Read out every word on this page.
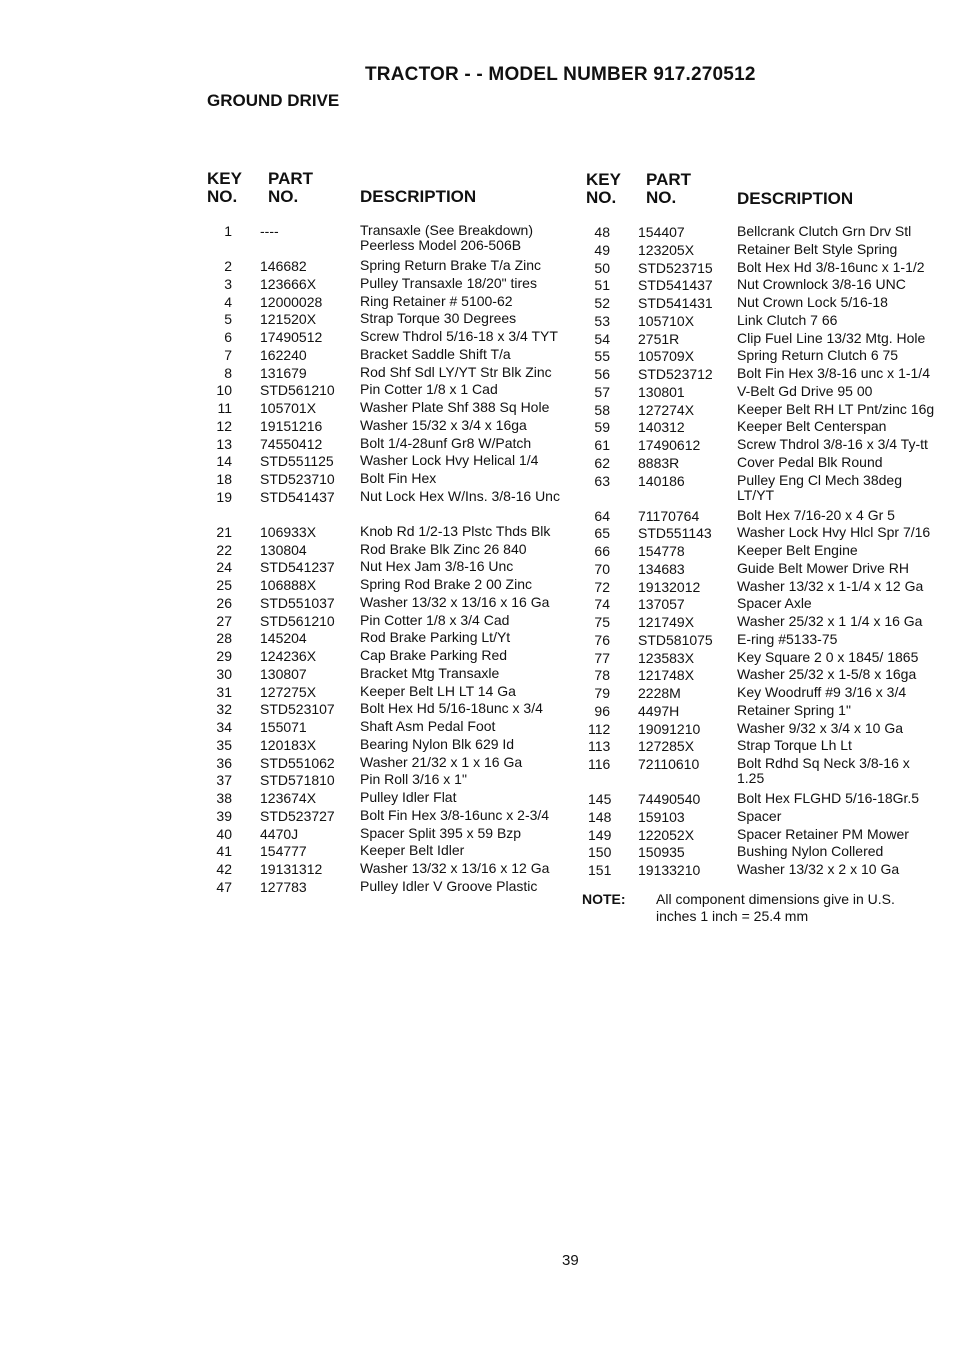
TRACTOR - - MODEL NUMBER 917.270512
GROUND DRIVE
KEY
NO.
PART
NO.	DESCRIPTION
KEY
NO.
PART
NO.	DESCRIPTION
1 ----	Transaxle (See Breakdown) Peerless Model 206-506B
2 146682	Spring Return Brake T/a Zinc
3 123666X	Pulley Transaxle 18/20" tires
4 12000028	Ring Retainer # 5100-62
5 121520X	Strap Torque 30 Degrees
6 17490512	Screw Thdrol 5/16-18 x 3/4 TYT
7 162240	Bracket Saddle Shift T/a
8 131679	Rod Shf Sdl LY/YT Str Blk Zinc
10 STD561210 Pin Cotter 1/8 x 1 Cad
11 105701X	Washer Plate Shf 388 Sq Hole
12 19151216	Washer 15/32 x 3/4 x 16ga
13 74550412	Bolt 1/4-28unf Gr8 W/Patch
14 STD551125 Washer Lock Hvy Helical 1/4
18 STD523710 Bolt Fin Hex
19 STD541437 Nut Lock Hex W/Ins. 3/8-16 Unc
21 106933X	Knob Rd 1/2-13 Plstc Thds Blk
22 130804	Rod Brake Blk Zinc 26 840
24 STD541237 Nut Hex Jam 3/8-16 Unc
25 106888X	Spring Rod Brake 2 00 Zinc
26 STD551037 Washer 13/32 x 13/16 x 16 Ga
27 STD561210 Pin Cotter 1/8 x 3/4 Cad
28 145204	Rod Brake Parking Lt/Yt
29 124236X	Cap Brake Parking Red
30 130807	Bracket Mtg Transaxle
31 127275X	Keeper Belt LH LT 14 Ga
32 STD523107 Bolt Hex Hd 5/16-18unc x 3/4
34 155071	Shaft Asm Pedal Foot
35 120183X	Bearing Nylon Blk 629 Id
36 STD551062 Washer 21/32 x 1 x 16 Ga
37 STD571810 Pin Roll 3/16 x 1"
38 123674X	Pulley Idler Flat
39 STD523727 Bolt Fin Hex 3/8-16unc x 2-3/4
40 4470J	Spacer Split 395 x 59 Bzp
41 154777	Keeper Belt Idler
42 19131312	Washer 13/32 x 13/16 x 12 Ga
47 127783	Pulley Idler V Groove Plastic
48 154407	Bellcrank Clutch Grn Drv Stl
49 123205X	Retainer Belt Style Spring
50 STD523715 Bolt Hex Hd 3/8-16unc x 1-1/2
51 STD541437 Nut Crownlock 3/8-16 UNC
52 STD541431 Nut Crown Lock 5/16-18
53 105710X	Link Clutch 7 66
54 2751R	Clip Fuel Line 13/32 Mtg. Hole
55 105709X	Spring Return Clutch 6 75
56 STD523712 Bolt Fin Hex 3/8-16 unc x 1-1/4
57 130801	V-Belt Gd Drive 95 00
58 127274X	Keeper Belt RH LT Pnt/zinc 16g
59 140312	Keeper Belt Centerspan
61 17490612	Screw Thdrol 3/8-16 x 3/4 Ty-tt
62 8883R	Cover Pedal Blk Round
63 140186	Pulley Eng Cl Mech 38deg LT/YT
64 71170764	Bolt Hex 7/16-20 x 4 Gr 5
65 STD551143 Washer Lock Hvy Hlcl Spr 7/16
66 154778	Keeper Belt Engine
70 134683	Guide Belt Mower Drive RH
72 19132012	Washer 13/32 x 1-1/4 x 12 Ga
74 137057	Spacer Axle
75 121749X	Washer 25/32 x 1 1/4 x 16 Ga
76 STD581075 E-ring #5133-75
77 123583X	Key Square 2 0 x 1845/ 1865
78 121748X	Washer 25/32 x 1-5/8 x 16ga
79 2228M	Key Woodruff #9 3/16 x 3/4
96 4497H	Retainer Spring 1"
112 19091210	Washer 9/32 x 3/4 x 10 Ga
113 127285X	Strap Torque Lh Lt
116 72110610	Bolt Rdhd Sq Neck 3/8-16 x 1.25
145 74490540	Bolt Hex FLGHD 5/16-18Gr.5
148 159103	Spacer
149 122052X	Spacer Retainer PM Mower
150 150935	Bushing Nylon Collered
151 19133210	Washer 13/32 x 2 x 10 Ga
NOTE: All component dimensions give in U.S. inches 1 inch = 25.4 mm
39
